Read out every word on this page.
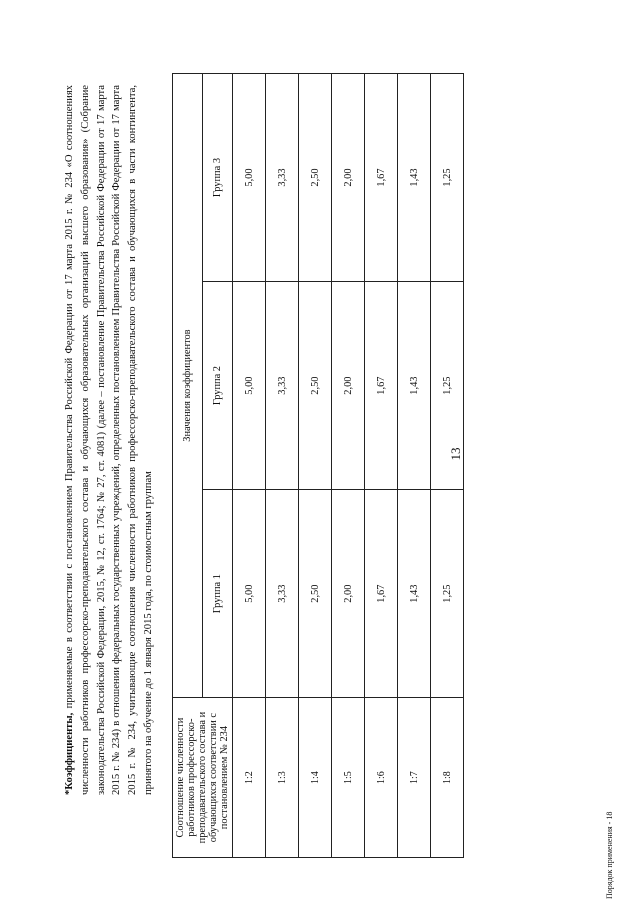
13
*Коэффициенты, применяемые в соответствии с постановлением Правительства Российской Федерации от 17 марта 2015 г. № 234 «О соотношениях численности работников профессорско-преподавательского состава и обучающихся образовательных организаций высшего образования» (Собрание законодательства Российской Федерации, 2015, № 12, ст. 1764; № 27, ст. 4081) (далее – постановление Правительства Российской Федерации от 17 марта 2015 г. № 234) в отношении федеральных государственных учреждений, определенных постановлением Правительства Российской Федерации от 17 марта 2015 г. № 234, учитывающие соотношения численности работников профессорско-преподавательского состава и обучающихся в части контингента, принятого на обучение до 1 января 2015 года, по стоимостным группам Соотношение численности работников профессорско-преподавательского состава и обучающихся соответствии с постановлением № 234	Значения коэффициентов		
	Группа 1	Группа 2	Группа 3
1:2	5,00	5,00	5,00
1:3	3,33	3,33	3,33
1:4	2,50	2,50	2,50
1:5	2,00	2,00	2,00
1:6	1,67	1,67	1,67
1:7	1,43	1,43	1,43
1:8	1,25	1,25	1,25
Порядок применения - 18
